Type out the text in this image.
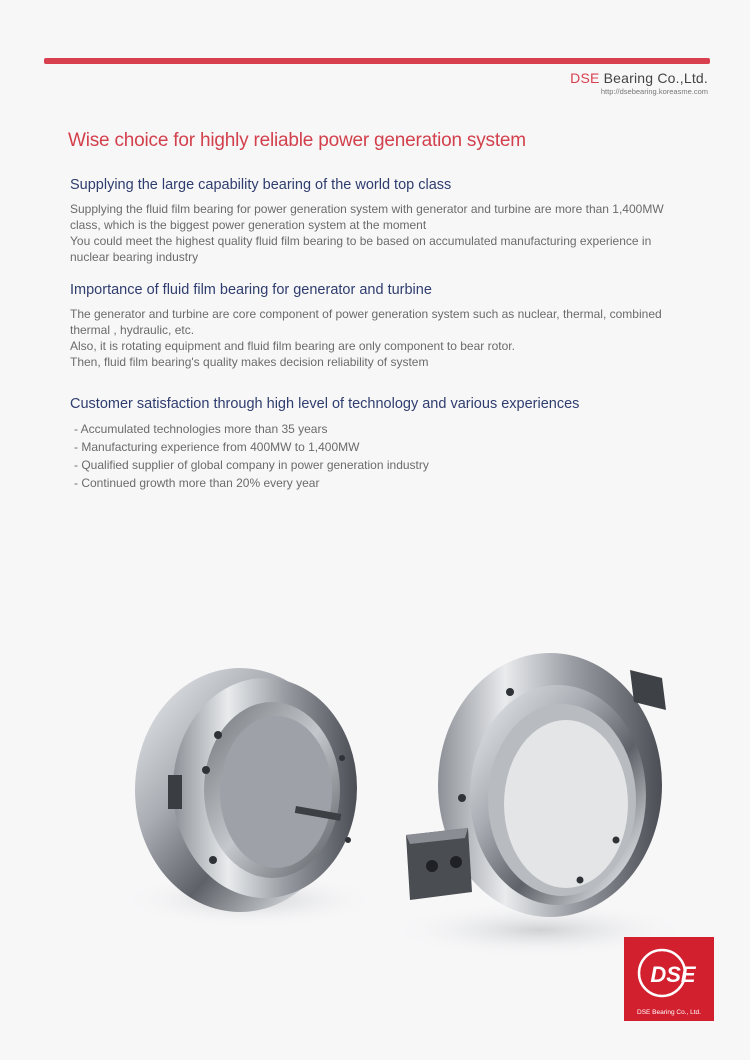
DSE Bearing Co.,Ltd.
http://dsebearing.koreasme.com
Wise choice for highly reliable power generation system
Supplying the large capability bearing of the world top class

Supplying the fluid film bearing for power generation system with generator and turbine are more than 1,400MW class, which is the biggest power generation system at the moment

You could meet the highest quality fluid film bearing to be based on accumulated manufacturing experience in nuclear bearing industry

Importance of fluid film bearing for generator and turbine

The generator and turbine are core component of power generation system such as nuclear, thermal, combined thermal , hydraulic, etc.

Also, it is rotating equipment and fluid film bearing are only component to bear rotor.

Then, fluid film bearing's quality makes decision reliability of system

Customer satisfaction through high level of technology and various experiences
- Accumulated technologies more than 35 years
- Manufacturing experience from 400MW to 1,400MW
- Qualified supplier of global company in power generation industry
- Continued growth more than 20% every year
DSE
DSE Bearing Co., Ltd.
